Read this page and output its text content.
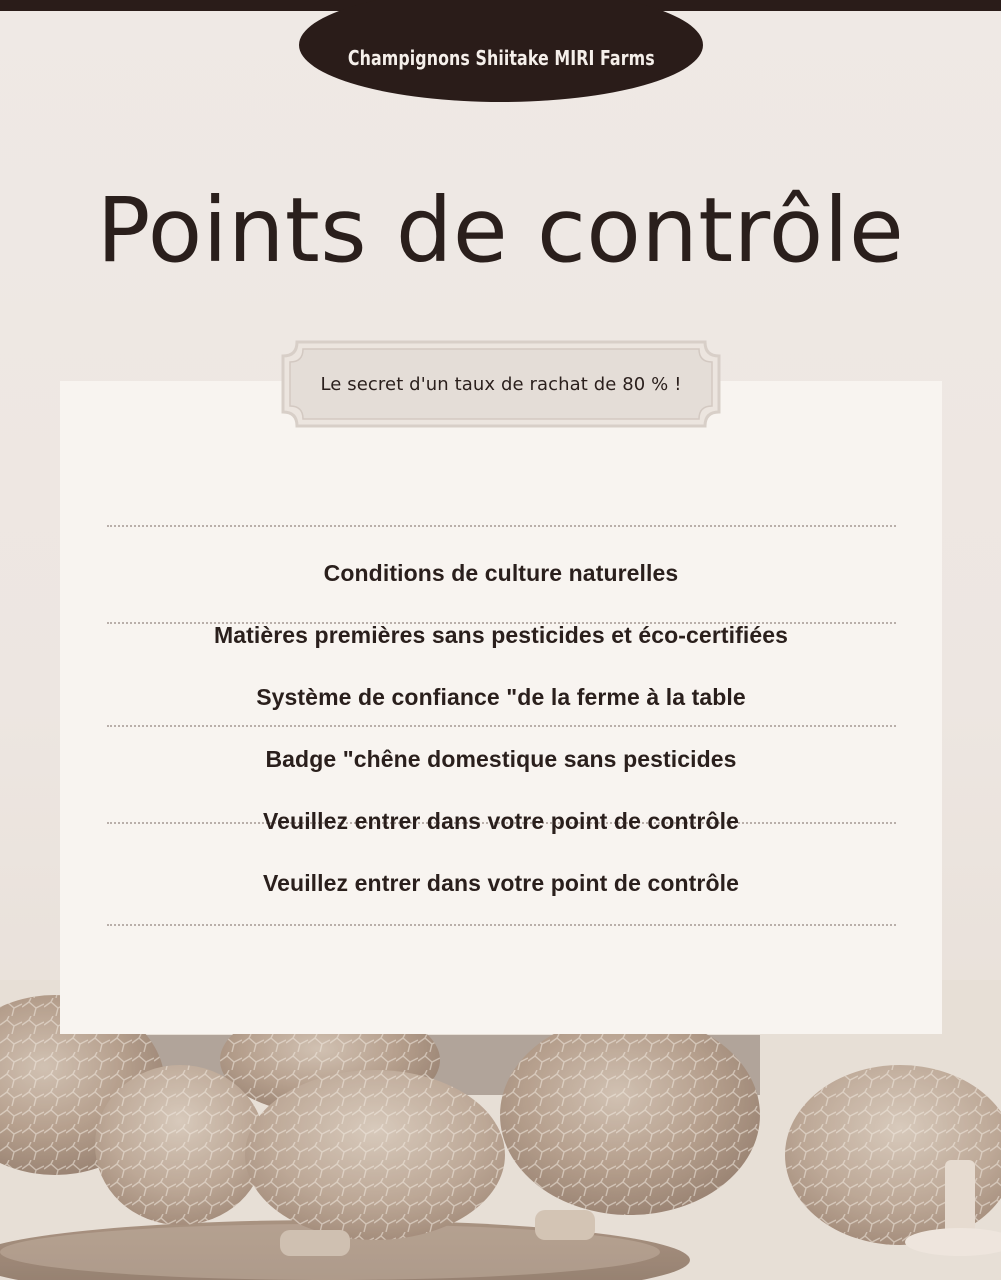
Champignons Shiitake MIRI Farms
Points de contrôle
Le secret d'un taux de rachat de 80 % !
Conditions de culture naturelles
Matières premières sans pesticides et éco-certifiées
Système de confiance "de la ferme à la table
Badge "chêne domestique sans pesticides
Veuillez entrer dans votre point de contrôle
Veuillez entrer dans votre point de contrôle
